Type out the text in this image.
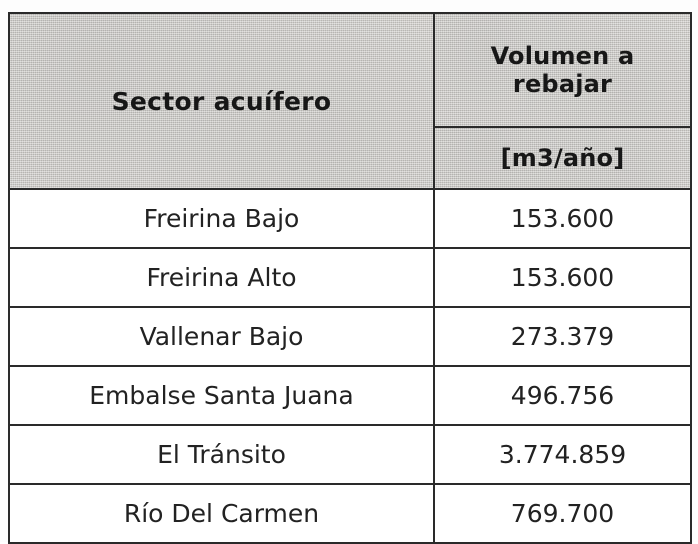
Sector acuífero	Volumen a
rebajar

	[m3/año]

Freirina Bajo	153.600

Freirina Alto	153.600

Vallenar Bajo	273.379

Embalse Santa Juana	496.756

El Tránsito	3.774.859

Río Del Carmen	769.700
